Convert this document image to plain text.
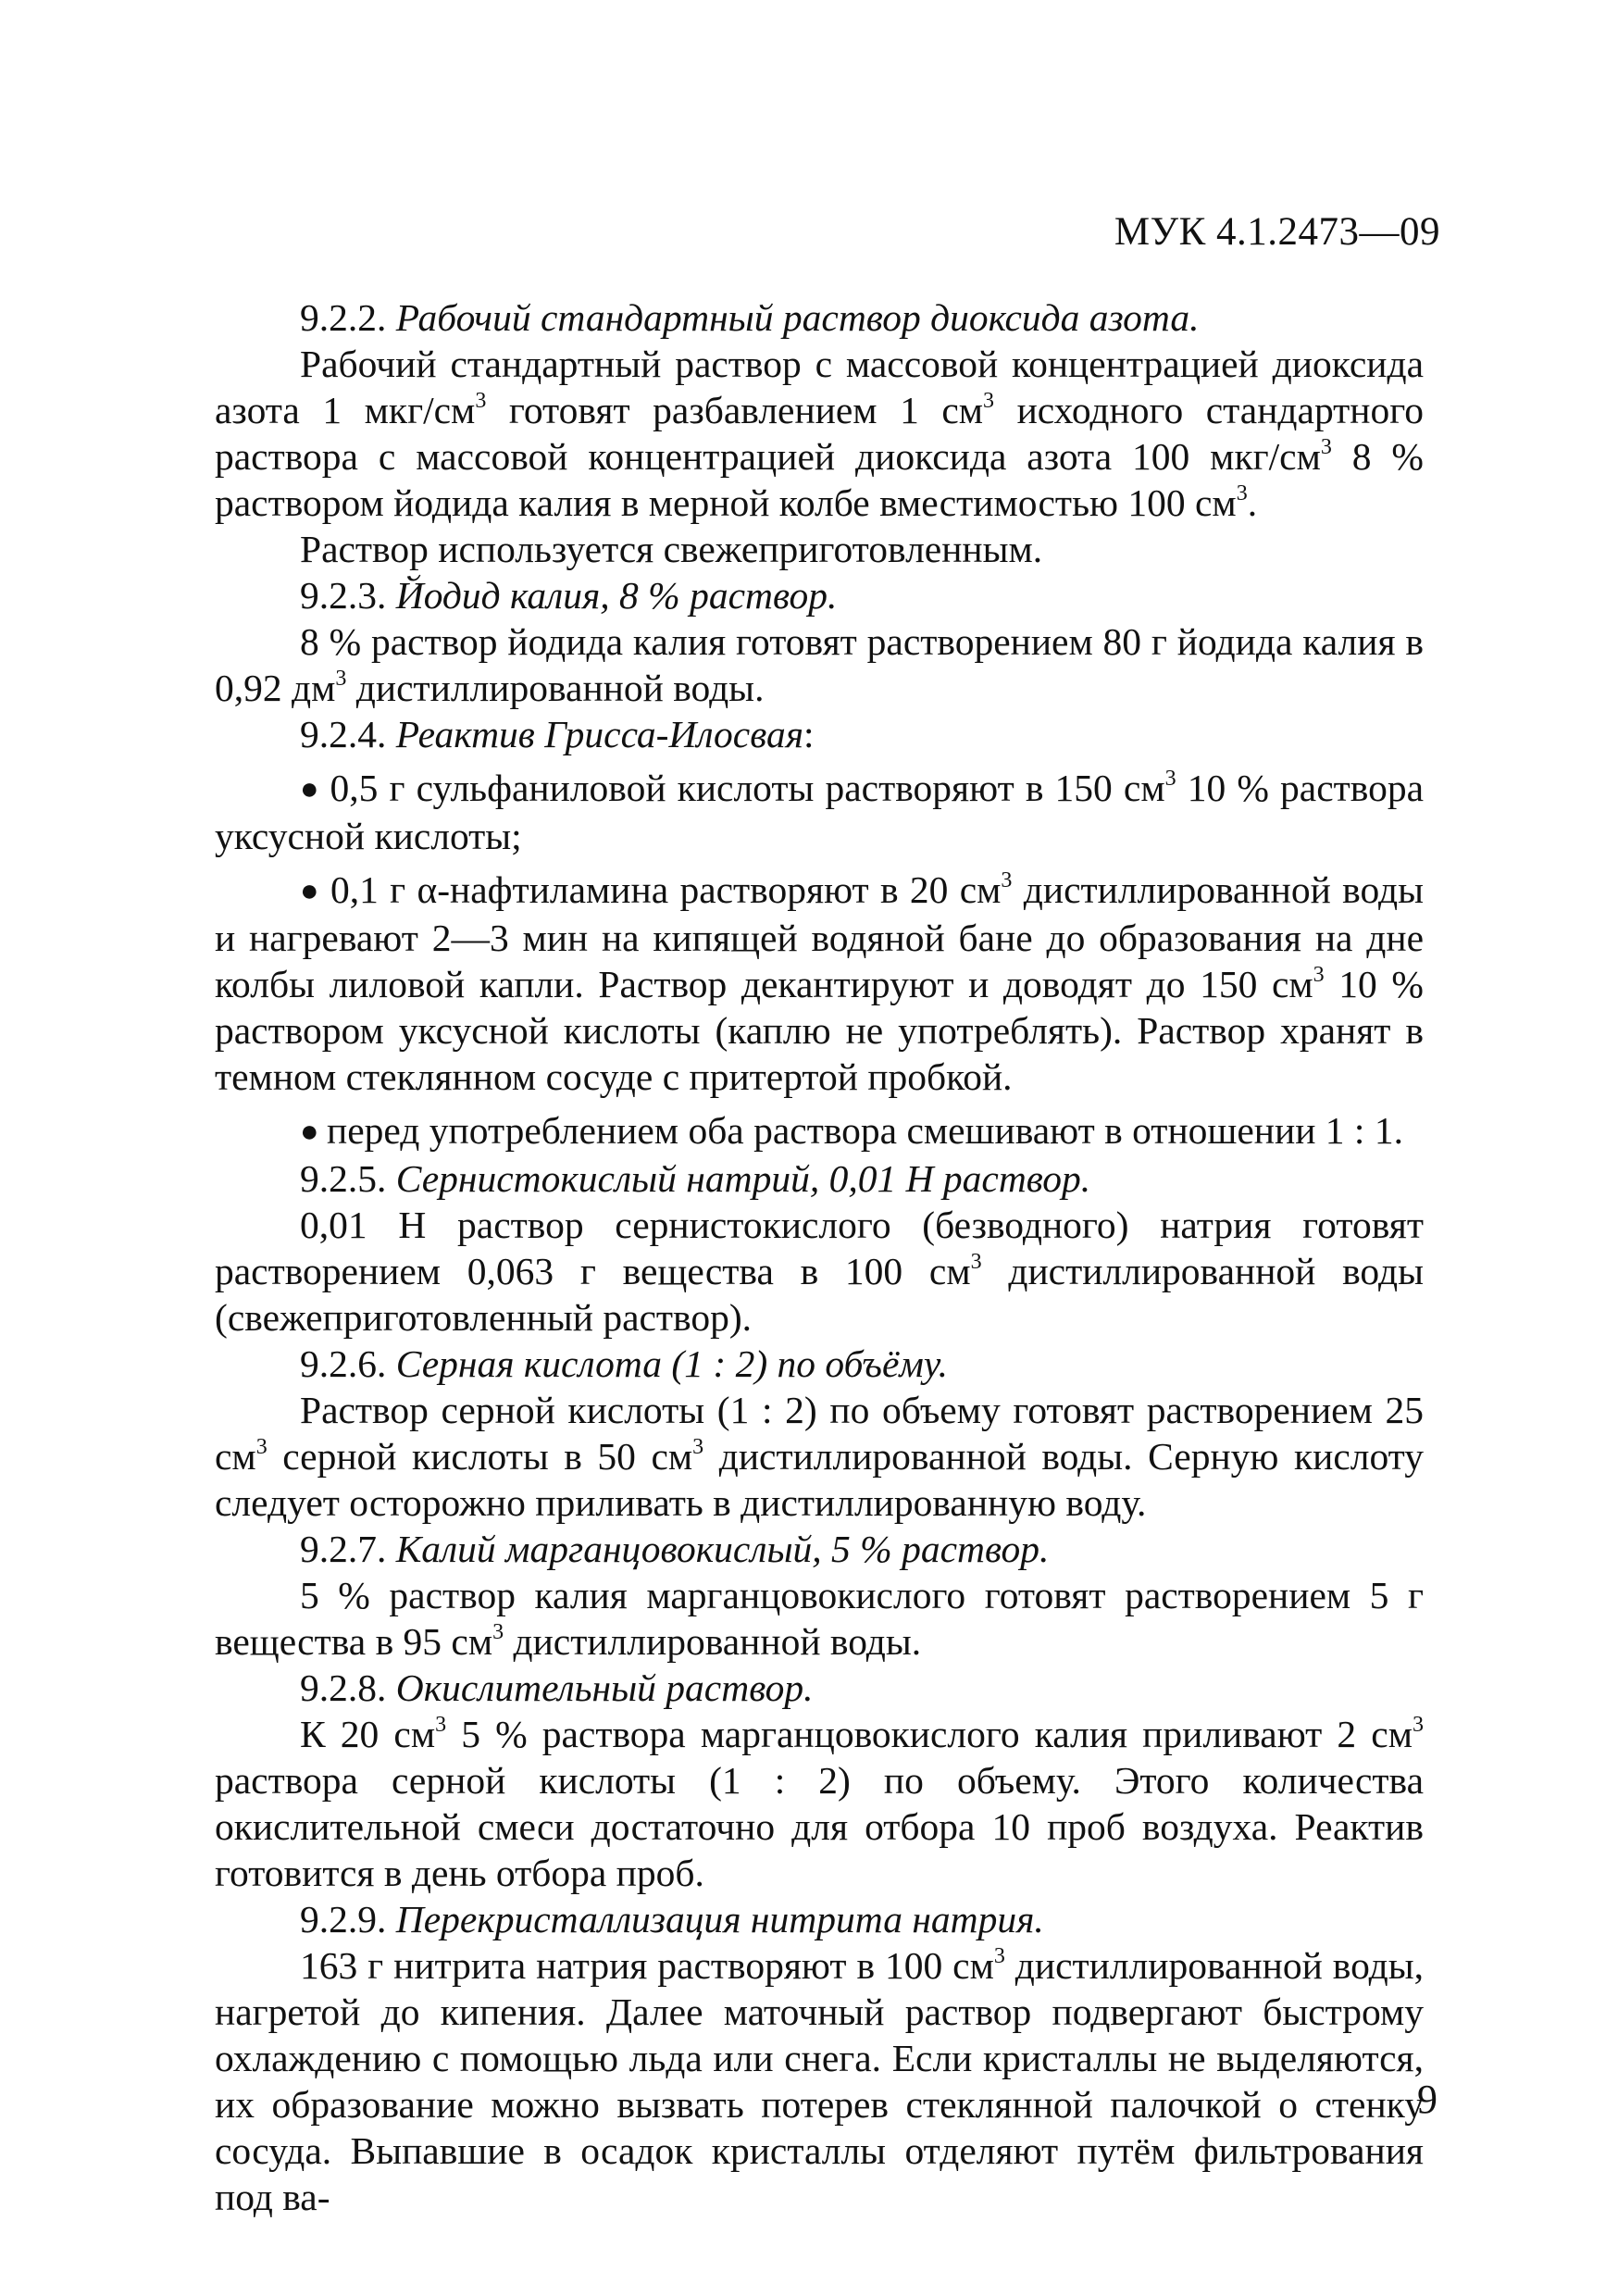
МУК 4.1.2473—09

9.2.2. Рабочий стандартный раствор диоксида азота.

Рабочий стандартный раствор с массовой концентрацией диоксида азота 1 мкг/$см^3$ готовят разбавлением 1 $см^3$ исходного стандартного раствора с массовой концентрацией диоксида азота 100 мкг/$см^3$ 8 % раствором йодида калия в мерной колбе вместимостью 100 $см^3$.

Раствор используется свежеприготовленным.

9.2.3. Йодид калия, 8 % раствор.

8 % раствор йодида калия готовят растворением 80 г йодида калия в 0,92 $дм^3$ дистиллированной воды.

9.2.4. Реактив Грисса-Илосвая:

● 0,5 г сульфаниловой кислоты растворяют в 150 $см^3$ 10 % раствора уксусной кислоты;

● 0,1 г α-нафтиламина растворяют в 20 $см^3$ дистиллированной воды и нагревают 2—3 мин на кипящей водяной бане до образования на дне колбы лиловой капли. Раствор декантируют и доводят до 150 $см^3$ 10 % раствором уксусной кислоты (каплю не употреблять). Раствор хранят в темном стеклянном сосуде с притертой пробкой.

● перед употреблением оба раствора смешивают в отношении 1 : 1.

9.2.5. Сернистокислый натрий, 0,01 Н раствор.

0,01 Н раствор сернистокислого (безводного) натрия готовят растворением 0,063 г вещества в 100 $см^3$ дистиллированной воды (свежеприготовленный раствор).

9.2.6. Серная кислота (1 : 2) по объёму.

Раствор серной кислоты (1 : 2) по объему готовят растворением 25 $см^3$ серной кислоты в 50 $см^3$ дистиллированной воды. Серную кислоту следует осторожно приливать в дистиллированную воду.

9.2.7. Калий марганцовокислый, 5 % раствор.

5 % раствор калия марганцовокислого готовят растворением 5 г вещества в 95 $см^3$ дистиллированной воды.

9.2.8. Окислительный раствор.

К 20 $см^3$ 5 % раствора марганцовокислого калия приливают 2 $см^3$ раствора серной кислоты (1 : 2) по объему. Этого количества окислительной смеси достаточно для отбора 10 проб воздуха. Реактив готовится в день отбора проб.

9.2.9. Перекристаллизация нитрита натрия.

163 г нитрита натрия растворяют в 100 $см^3$ дистиллированной воды, нагретой до кипения. Далее маточный раствор подвергают быстрому охлаждению с помощью льда или снега. Если кристаллы не выделяются, их образование можно вызвать потерев стеклянной палочкой о стенку сосуда. Выпавшие в осадок кристаллы отделяют путём фильтрования под ва-

9
